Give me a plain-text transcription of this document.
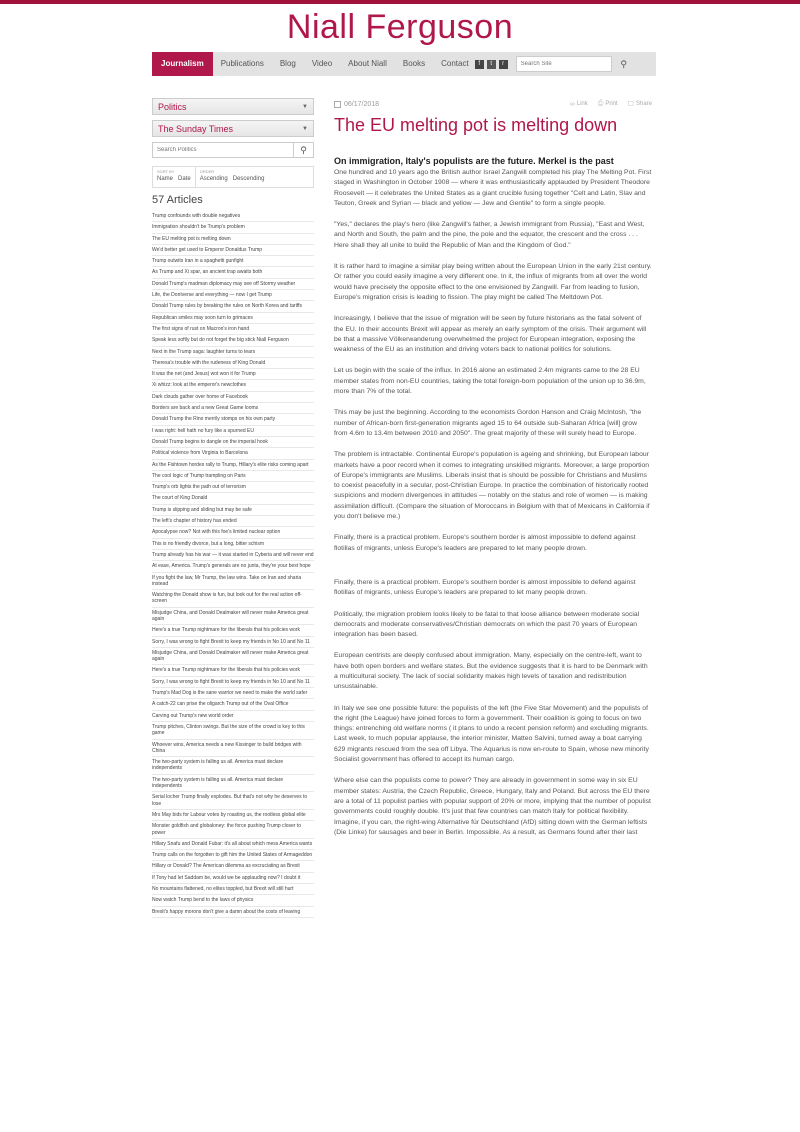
Niall Ferguson
Journalism	Publications	Blog	Video	About Niall	Books	Contact	f	t	r
Search Site	⚲
Politics	▼
The Sunday Times	▼
Search Politics
⚲
SORT BY
Name Date
ORDER
Ascending Descending
57 Articles
Trump confounds with double negatives
Immigration shouldn't be Trump's problem
The EU melting pot is melting down
We'd better get used to Emperor Donaldus Trump
Trump outwits Iran in a spaghetti gunfight
As Trump and Xi spar, an ancient trap awaits both
Donald Trump's madman diplomacy may see off Stormy weather
Life, the DonIverse and everything — now I get Trump
Donald Trump rules by breaking the rules on North Korea and tariffs
Republican smiles may soon turn to grimaces
The first signs of rust on Macron's iron hand
Speak less softly but do not forget the big stick Niall Ferguson
Next in the Trump saga: laughter turns to tears
Theresa's trouble with the rudeness of King Donald
It was the net (and Jesus) wot won it for Trump
Xi whizz: look at the emperor's newclothes
Dark clouds gather over home of Facebook
Borders are back and a new Great Game looms
Donald Trump the Rino merrily stomps on his own party
I was right: hell hath no fury like a spurned EU
Donald Trump begins to dangle on the imperial hook
Political violence from Virginia to Barcelona
As the Fishtown hordes rally to Trump, Hillary's elite risks coming apart
The cool logic of Trump trampling on Paris
Trump's orb lights the path out of terrorism
The court of King Donald
Trump is slipping and sliding but may be safe
The left's chapter of history has ended
Apocalypse now? Not with this foe's limited nuclear option
This is no friendly divorce, but a long, bitter schism
Trump already has his war — it was started in Cyberia and will never end
At ease, America. Trump's generals are no junta, they're your best hope
If you fight the law, Mr Trump, the law wins. Take on Iran and sharia instead
Watching the Donald show is fun, but look out for the real action off-screen
Misjudge China, and Donald Dealmaker will never make America great again
Here's a true Trump nightmare for the liberals that his policies work
Sorry, I was wrong to fight Brexit to keep my friends in No 10 and No 11
Misjudge China, and Donald Dealmaker will never make America great again
Here's a true Trump nightmare for the liberals that his policies work
Sorry, I was wrong to fight Brexit to keep my friends in No 10 and No 11
Trump's Mad Dog is the sane warrior we need to make the world safer
A catch-22 can prise the oligarch Trump out of the Oval Office
Carving out Trump's new world order
Trump pitches, Clinton swings. But the size of the crowd is key to this game
Whoever wins, America needs a new Kissinger to build bridges with China
The two-party system is falling us all. America must declare independents
The two-party system is falling us all. America must declare independents
Serial locher Trump finally explodes. But that's not why he deserves to lose
Mrs May bids for Labour votes by roasting us, the rootless global elite
Monster goldfish and globaloney: the force pushing Trump closer to power
Hillary Snafu and Donald Fubar: it's all about which mess America wants
Trump calls on the forgotten to gift him the United States of Armageddon
Hillary or Donald? The American dilemma as excruciating as Brexit
If Tony had let Saddam be, would we be applauding now? I doubt it
No mountains flattened, no elites toppled, but Brexit will still hurt
Now watch Trump bend to the laws of physics
Brexit's happy morons don't give a damn about the costs of leaving
06/17/2018	∞ Link ⎙ Print ☐ Share
The EU melting pot is melting down
On immigration, Italy's populists are the future. Merkel is the past

One hundred and 10 years ago the British author Israel Zangwill completed his play The Melting Pot. First staged in Washington in October 1908 — where it was enthusiastically applauded by President Theodore Roosevelt — it celebrates the United States as a giant crucible fusing together "Celt and Latin, Slav and Teuton, Greek and Syrian — black and yellow — Jew and Gentile" to form a single people.

"Yes," declares the play's hero (like Zangwill's father, a Jewish immigrant from Russia), "East and West, and North and South, the palm and the pine, the pole and the equator, the crescent and the cross . . . Here shall they all unite to build the Republic of Man and the Kingdom of God."

It is rather hard to imagine a similar play being written about the European Union in the early 21st century. Or rather you could easily imagine a very different one. In it, the influx of migrants from all over the world would have precisely the opposite effect to the one envisioned by Zangwill. Far from leading to fusion, Europe's migration crisis is leading to fission. The play might be called The Meltdown Pot.

Increasingly, I believe that the issue of migration will be seen by future historians as the fatal solvent of the EU. In their accounts Brexit will appear as merely an early symptom of the crisis. Their argument will be that a massive Völkerwanderung overwhelmed the project for European integration, exposing the weakness of the EU as an institution and driving voters back to national politics for solutions.

Let us begin with the scale of the influx. In 2016 alone an estimated 2.4m migrants came to the 28 EU member states from non-EU countries, taking the total foreign-born population of the union up to 36.9m, more than 7% of the total.

This may be just the beginning. According to the economists Gordon Hanson and Craig McIntosh, "the number of African-born first-generation migrants aged 15 to 64 outside sub-Saharan Africa [will] grow from 4.6m to 13.4m between 2010 and 2050". The great majority of these will surely head to Europe.

The problem is intractable. Continental Europe's population is ageing and shrinking, but European labour markets have a poor record when it comes to integrating unskilled migrants. Moreover, a large proportion of Europe's immigrants are Muslims. Liberals insist that is should be possible for Christians and Muslims to coexist peacefully in a secular, post-Christian Europe. In practice the combination of historically rooted suspicions and modern divergences in attitudes — notably on the status and role of women — is making assimilation difficult. (Compare the situation of Moroccans in Belgium with that of Mexicans in California if you don't believe me.)

Finally, there is a practical problem. Europe's southern border is almost impossible to defend against flotillas of migrants, unless Europe's leaders are prepared to let many people drown.

Finally, there is a practical problem. Europe's southern border is almost impossible to defend against flotillas of migrants, unless Europe's leaders are prepared to let many people drown.

Politically, the migration problem looks likely to be fatal to that loose alliance between moderate social democrats and moderate conservatives/Christian democrats on which the past 70 years of European integration has been based.

European centrists are deeply confused about immigration. Many, especially on the centre-left, want to have both open borders and welfare states. But the evidence suggests that it is hard to be Denmark with a multicultural society. The lack of social solidarity makes high levels of taxation and redistribution unsustainable.

In Italy we see one possible future: the populists of the left (the Five Star Movement) and the populists of the right (the League) have joined forces to form a government. Their coalition is going to focus on two things: entrenching old welfare norms ( it plans to undo a recent pension reform) and excluding migrants. Last week, to much popular applause, the interior minister, Matteo Salvini, turned away a boat carrying 629 migrants rescued from the sea off Libya. The Aquarius is now en-route to Spain, whose new minority Socialist government has offered to accept its human cargo.

Where else can the populists come to power? They are already in government in some way in six EU member states: Austria, the Czech Republic, Greece, Hungary, Italy and Poland. But across the EU there are a total of 11 populist parties with popular support of 20% or more, implying that the number of populist governments could roughly double. It's just that few countries can match Italy for political flexibility. Imagine, if you can, the right-wing Alternative für Deutschland (AfD) sitting down with the German leftists (Die Linke) for sausages and beer in Berlin. Impossible. As a result, as Germans found after their last
